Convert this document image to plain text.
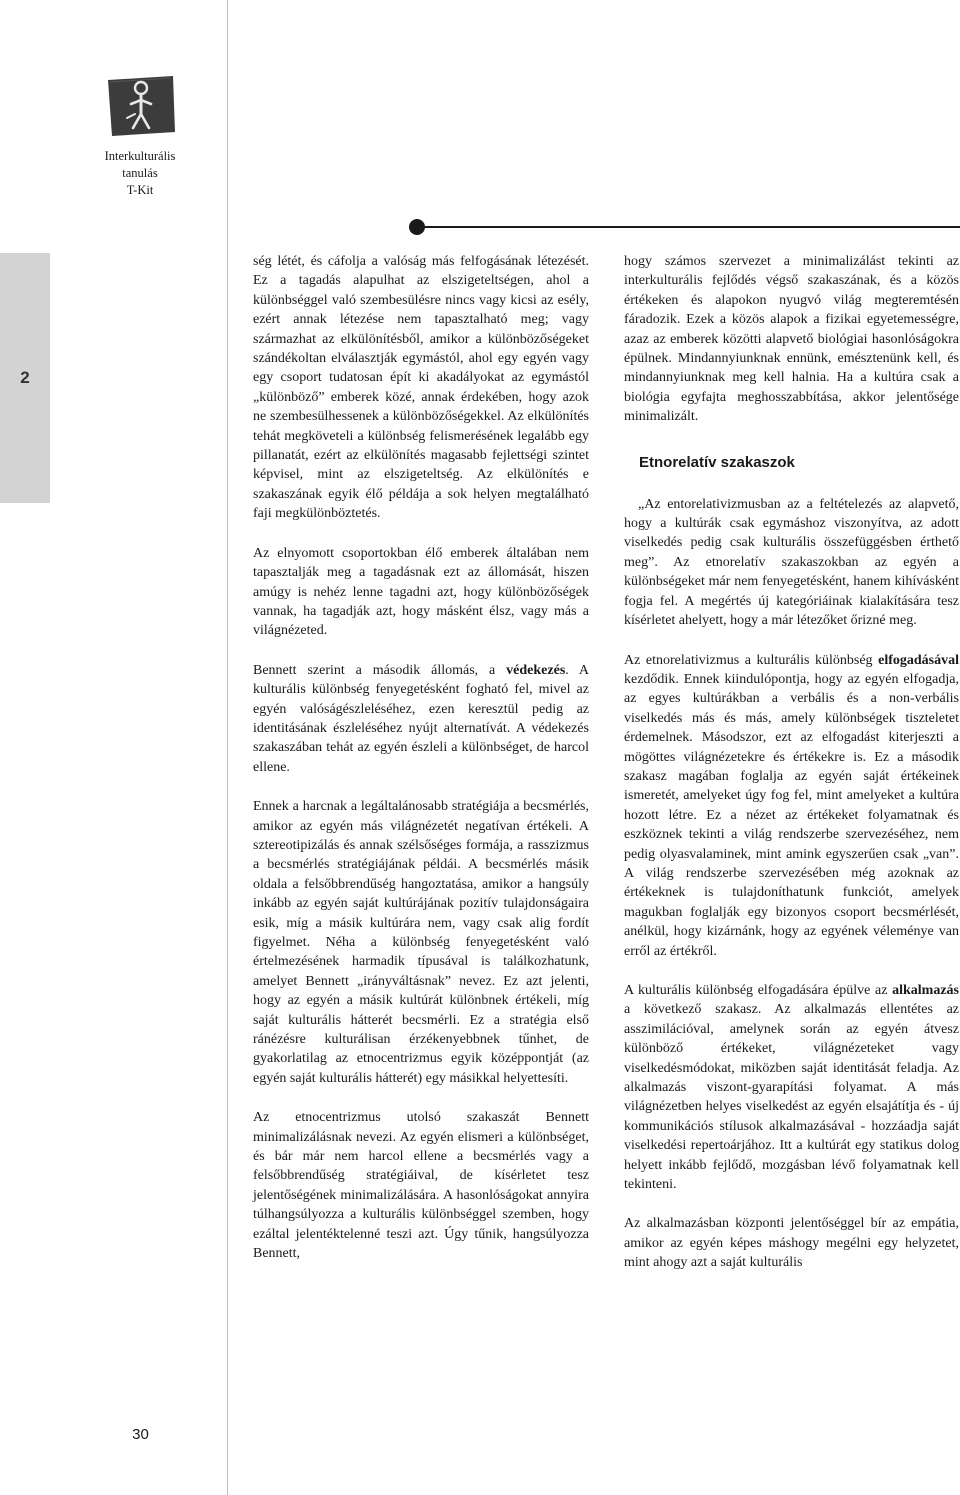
Interkulturális
tanulás
T-Kit
2

ség létét, és cáfolja a valóság más felfogásának létezését. Ez a tagadás alapulhat az elszigeteltségen, ahol a különbséggel való szembesülésre nincs vagy kicsi az esély, ezért annak létezése nem tapasztalható meg; vagy származhat az elkülönítésből, amikor a különbözőségeket szándékoltan elválasztják egymástól, ahol egy egyén vagy egy csoport tudatosan épít ki akadályokat az egymástól „különböző” emberek közé, annak érdekében, hogy azok ne szembesülhessenek a különbözőségekkel. Az elkülönítés tehát megköveteli a különbség felismerésének legalább egy pillanatát, ezért az elkülönítés magasabb fejlettségi szintet képvisel, mint az elszigeteltség. Az elkülönítés e szakaszának egyik élő példája a sok helyen megtalálható faji megkülönböztetés.

Az elnyomott csoportokban élő emberek általában nem tapasztalják meg a tagadásnak ezt az állomását, hiszen amúgy is nehéz lenne tagadni azt, hogy különbözőségek vannak, ha tagadják azt, hogy másként élsz, vagy más a világnézeted.

Bennett szerint a második állomás, a védekezés. A kulturális különbség fenyegetésként fogható fel, mivel az egyén valóságészleléséhez, ezen keresztül pedig az identitásának észleléséhez nyújt alternatívát. A védekezés szakaszában tehát az egyén észleli a különbséget, de harcol ellene.

Ennek a harcnak a legáltalánosabb stratégiája a becsmérlés, amikor az egyén más világnézetét negatívan értékeli. A sztereotipizálás és annak szélsőséges formája, a rasszizmus a becsmérlés stratégiájának példái. A becsmérlés másik oldala a felsőbbrendűség hangoztatása, amikor a hangsúly inkább az egyén saját kultúrájának pozitív tulajdonságaira esik, míg a másik kultúrára nem, vagy csak alig fordít figyelmet. Néha a különbség fenyegetésként való értelmezésének harmadik típusával is találkozhatunk, amelyet Bennett „irányváltásnak” nevez. Ez azt jelenti, hogy az egyén a másik kultúrát különbnek értékeli, míg saját kulturális hátterét becsmérli. Ez a stratégia első ránézésre kulturálisan érzékenyebbnek tűnhet, de gyakorlatilag az etnocentrizmus egyik középpontját (az egyén saját kulturális hátterét) egy másikkal helyettesíti.

Az etnocentrizmus utolsó szakaszát Bennett minimalizálásnak nevezi. Az egyén elismeri a különbséget, és bár már nem harcol ellene a becsmérlés vagy a felsőbbrendűség stratégiáival, de kísérletet tesz jelentőségének minimalizálására. A hasonlóságokat annyira túlhangsúlyozza a kulturális különbséggel szemben, hogy ezáltal jelentéktelenné teszi azt. Úgy tűnik, hangsúlyozza Bennett,

hogy számos szervezet a minimalizálást tekinti az interkulturális fejlődés végső szakaszának, és a közös értékeken és alapokon nyugvó világ megteremtésén fáradozik. Ezek a közös alapok a fizikai egyetemességre, azaz az emberek közötti alapvető biológiai hasonlóságokra épülnek. Mindannyiunknak ennünk, emésztenünk kell, és mindannyiunknak meg kell halnia. Ha a kultúra csak a biológia egyfajta meghosszabbítása, akkor jelentősége minimalizált.

Etnorelatív szakaszok

„Az entorelativizmusban az a feltételezés az alapvető, hogy a kultúrák csak egymáshoz viszonyítva, az adott viselkedés pedig csak kulturális összefüggésben érthető meg”. Az etnorelatív szakaszokban az egyén a különbségeket már nem fenyegetésként, hanem kihívásként fogja fel. A megértés új kategóriáinak kialakítására tesz kísérletet ahelyett, hogy a már létezőket őrizné meg.

Az etnorelativizmus a kulturális különbség elfogadásával kezdődik. Ennek kiindulópontja, hogy az egyén elfogadja, az egyes kultúrákban a verbális és a non-verbális viselkedés más és más, amely különbségek tiszteletet érdemelnek. Másodszor, ezt az elfogadást kiterjeszti a mögöttes világnézetekre és értékekre is. Ez a második szakasz magában foglalja az egyén saját értékeinek ismeretét, amelyeket úgy fog fel, mint amelyeket a kultúra hozott létre. Ez a nézet az értékeket folyamatnak és eszköznek tekinti a világ rendszerbe szervezéséhez, nem pedig olyasvalaminek, mint amink egyszerűen csak „van”. A világ rendszerbe szervezésében még azoknak az értékeknek is tulajdoníthatunk funkciót, amelyek magukban foglalják egy bizonyos csoport becsmérlését, anélkül, hogy kizárnánk, hogy az egyének véleménye van erről az értékről.

A kulturális különbség elfogadására épülve az alkalmazás a következő szakasz. Az alkalmazás ellentétes az asszimilációval, amelynek során az egyén átvesz különböző értékeket, világnézeteket vagy viselkedésmódokat, miközben saját identitását feladja. Az alkalmazás viszont-gyarapítási folyamat. A más világnézetben helyes viselkedést az egyén elsajátítja és - új kommunikációs stílusok alkalmazásával - hozzáadja saját viselkedési repertoárjához. Itt a kultúrát egy statikus dolog helyett inkább fejlődő, mozgásban lévő folyamatnak kell tekinteni.

Az alkalmazásban központi jelentőséggel bír az empátia, amikor az egyén képes máshogy megélni egy helyzetet, mint ahogy azt a saját kulturális

30
